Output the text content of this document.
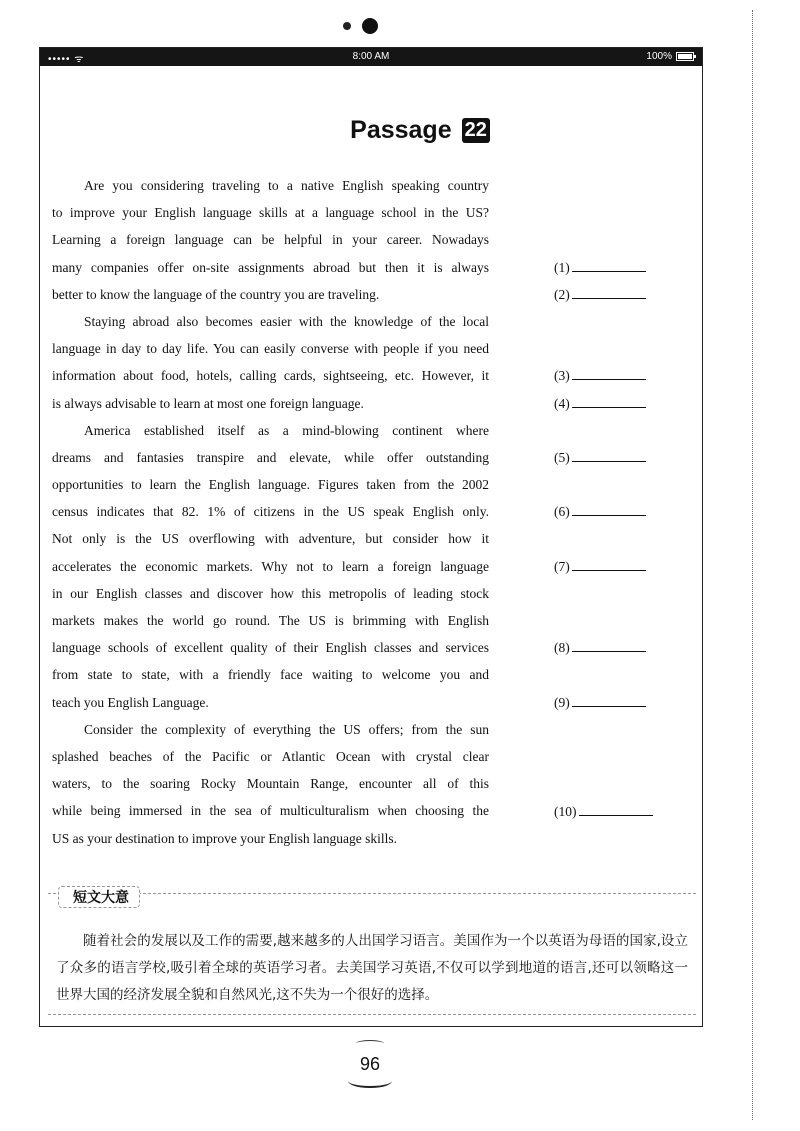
••••• ᯤ	8:00 AM	100%
Passage 22
Are you considering traveling to a native English speaking country
to improve your English language skills at a language school in the US?
Learning a foreign language can be helpful in your career. Nowadays
many companies offer on-site assignments abroad but then it is always
better to know the language of the country you are traveling.
Staying abroad also becomes easier with the knowledge of the local
language in day to day life. You can easily converse with people if you need
information about food, hotels, calling cards, sightseeing, etc. However, it
is always advisable to learn at most one foreign language.
America established itself as a mind-blowing continent where
dreams and fantasies transpire and elevate, while offer outstanding
opportunities to learn the English language. Figures taken from the 2002
census indicates that 82. 1% of citizens in the US speak English only.
Not only is the US overflowing with adventure, but consider how it
accelerates the economic markets. Why not to learn a foreign language
in our English classes and discover how this metropolis of leading stock
markets makes the world go round. The US is brimming with English
language schools of excellent quality of their English classes and services
from state to state, with a friendly face waiting to welcome you and
teach you English Language.
Consider the complexity of everything the US offers; from the sun
splashed beaches of the Pacific or Atlantic Ocean with crystal clear
waters, to the soaring Rocky Mountain Range, encounter all of this
while being immersed in the sea of multiculturalism when choosing the
US as your destination to improve your English language skills.
(1)
(2)
(3)
(4)
(5)
(6)
(7)
(8)
(9)
(10)
短文大意
随着社会的发展以及工作的需要,越来越多的人出国学习语言。美国作为一个以英语为母语的国家,设立了众多的语言学校,吸引着全球的英语学习者。去美国学习英语,不仅可以学到地道的语言,还可以领略这一世界大国的经济发展全貌和自然风光,这不失为一个很好的选择。
96
